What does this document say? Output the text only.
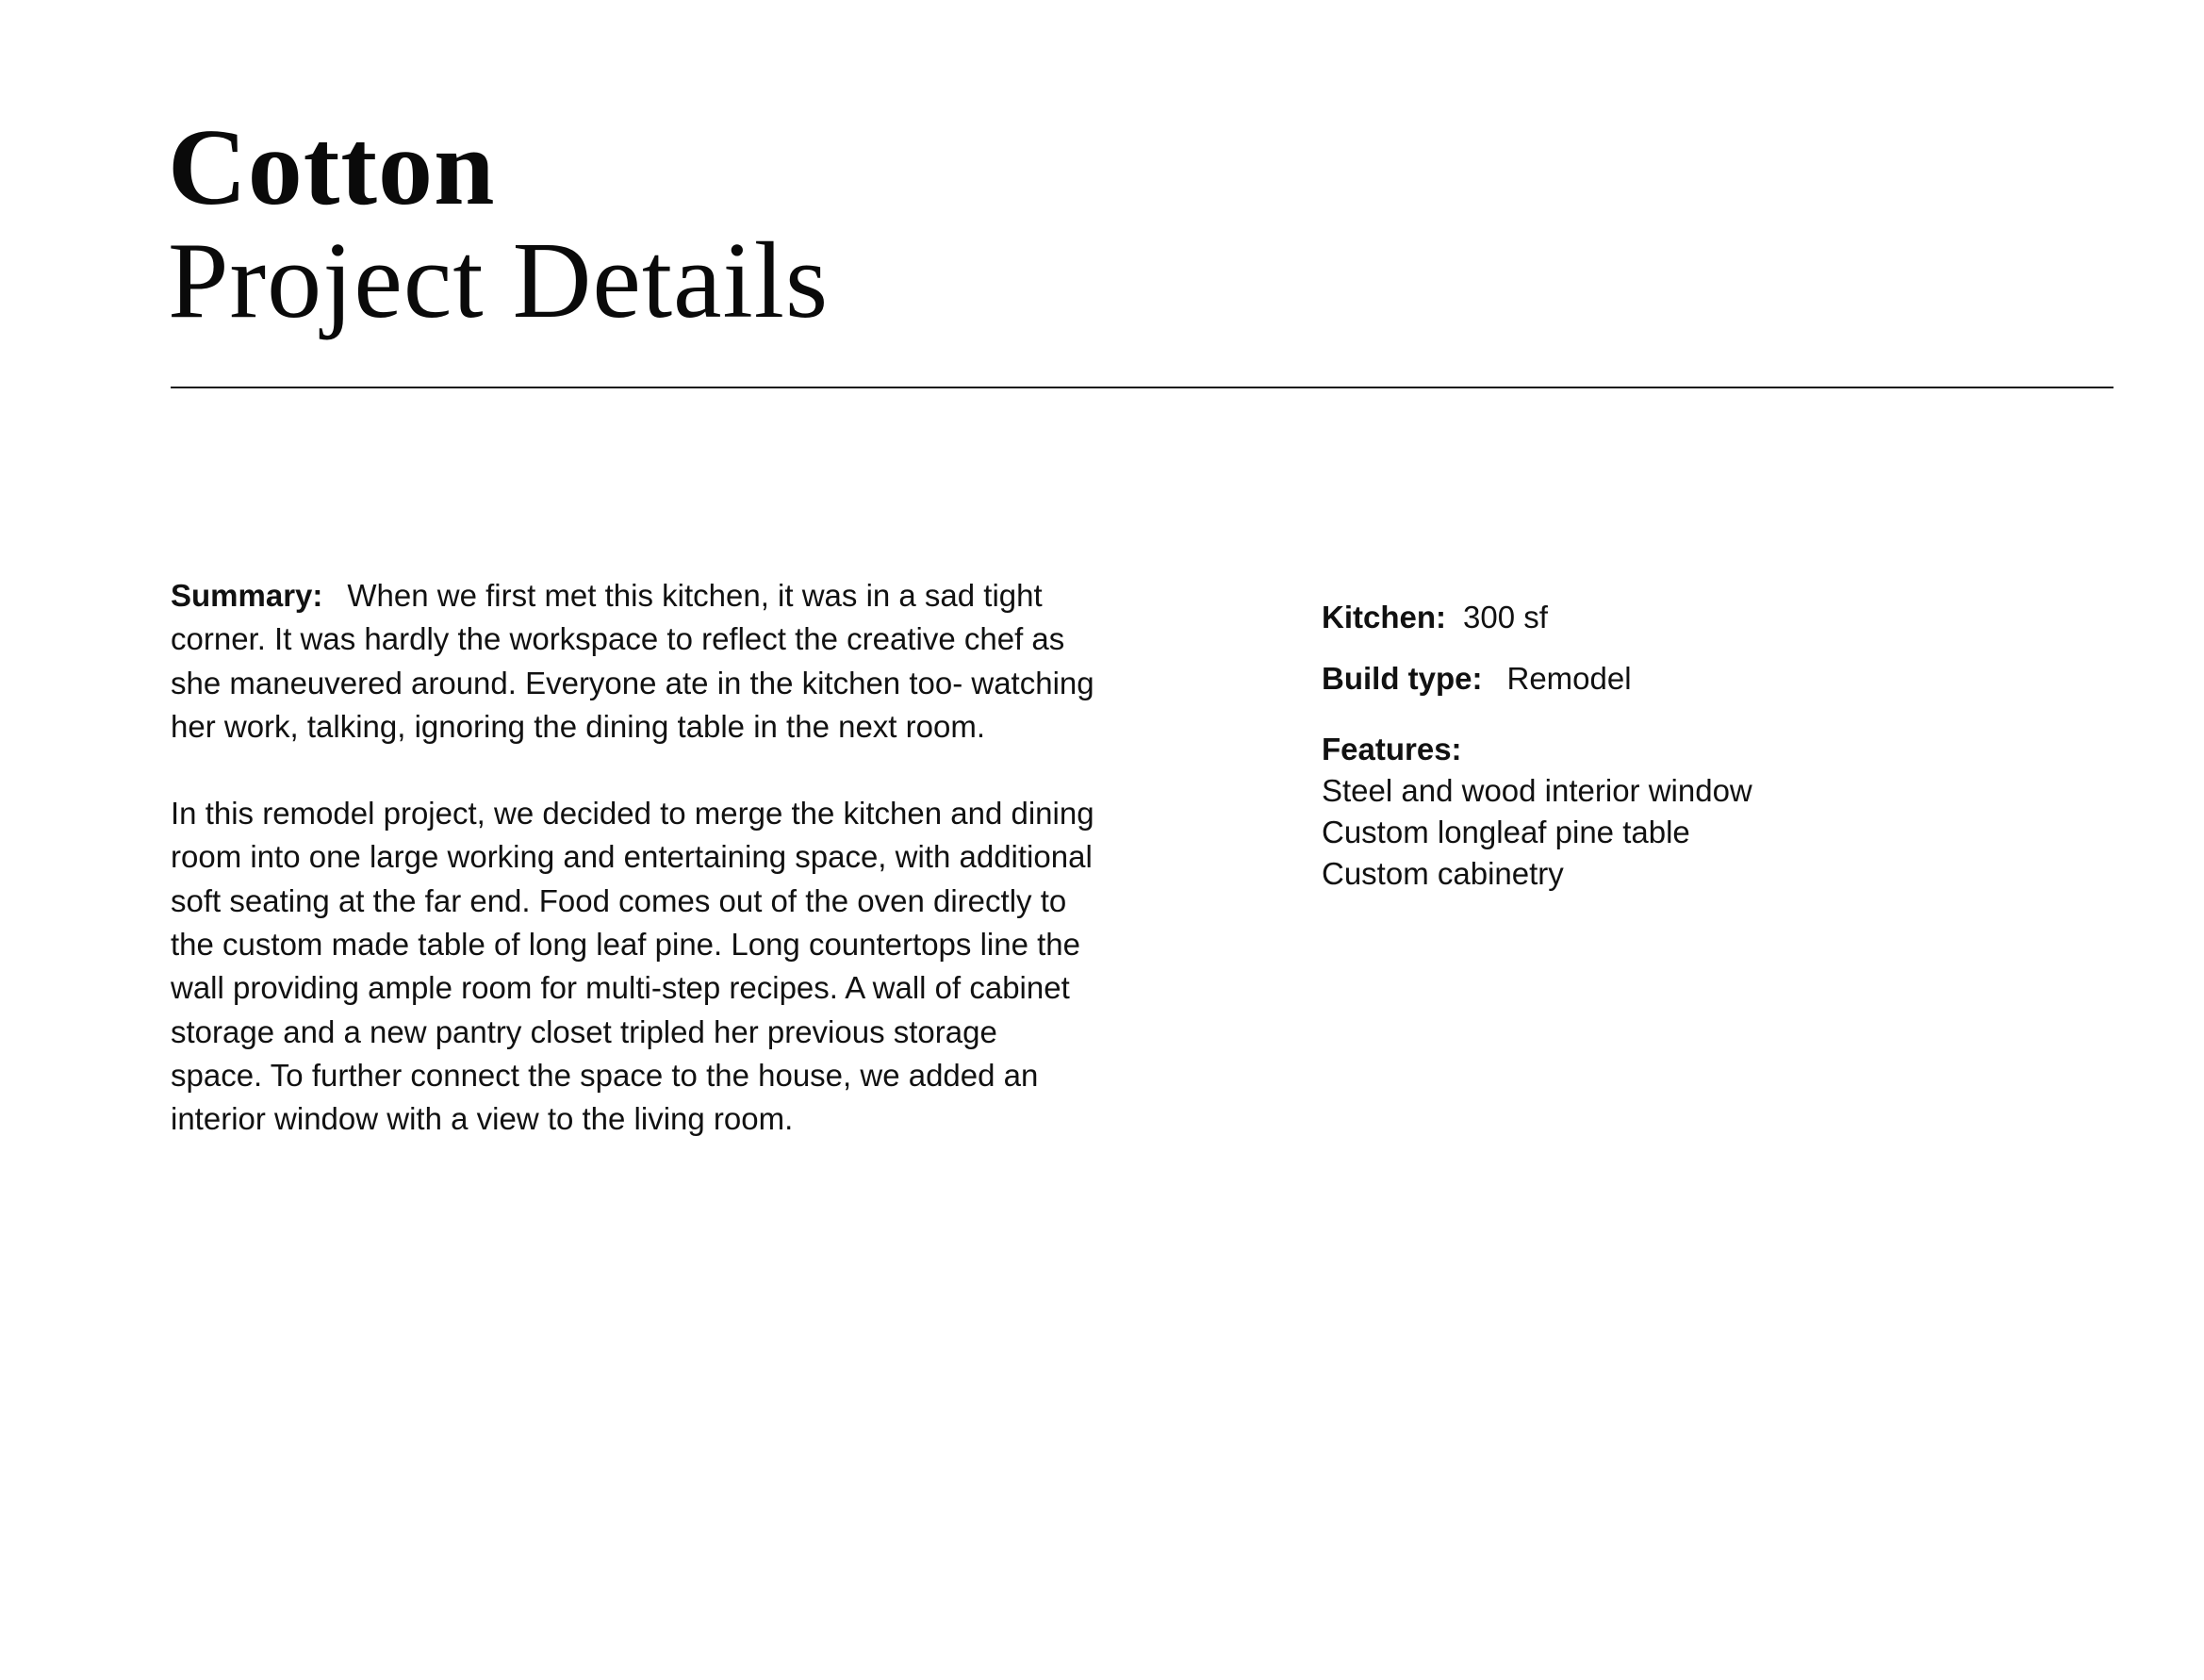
Cotton
Project Details

Summary: When we first met this kitchen, it was in a sad tight corner. It was hardly the workspace to reflect the creative chef as she maneuvered around. Everyone ate in the kitchen too- watching her work, talking, ignoring the dining table in the next room.

In this remodel project, we decided to merge the kitchen and dining room into one large working and entertaining space, with additional soft seating at the far end. Food comes out of the oven directly to the custom made table of long leaf pine. Long countertops line the wall providing ample room for multi-step recipes. A wall of cabinet storage and a new pantry closet tripled her previous storage space. To further connect the space to the house, we added an interior window with a view to the living room.

Kitchen: 300 sf

Build type: Remodel

Features:

Steel and wood interior window
Custom longleaf pine table
Custom cabinetry
